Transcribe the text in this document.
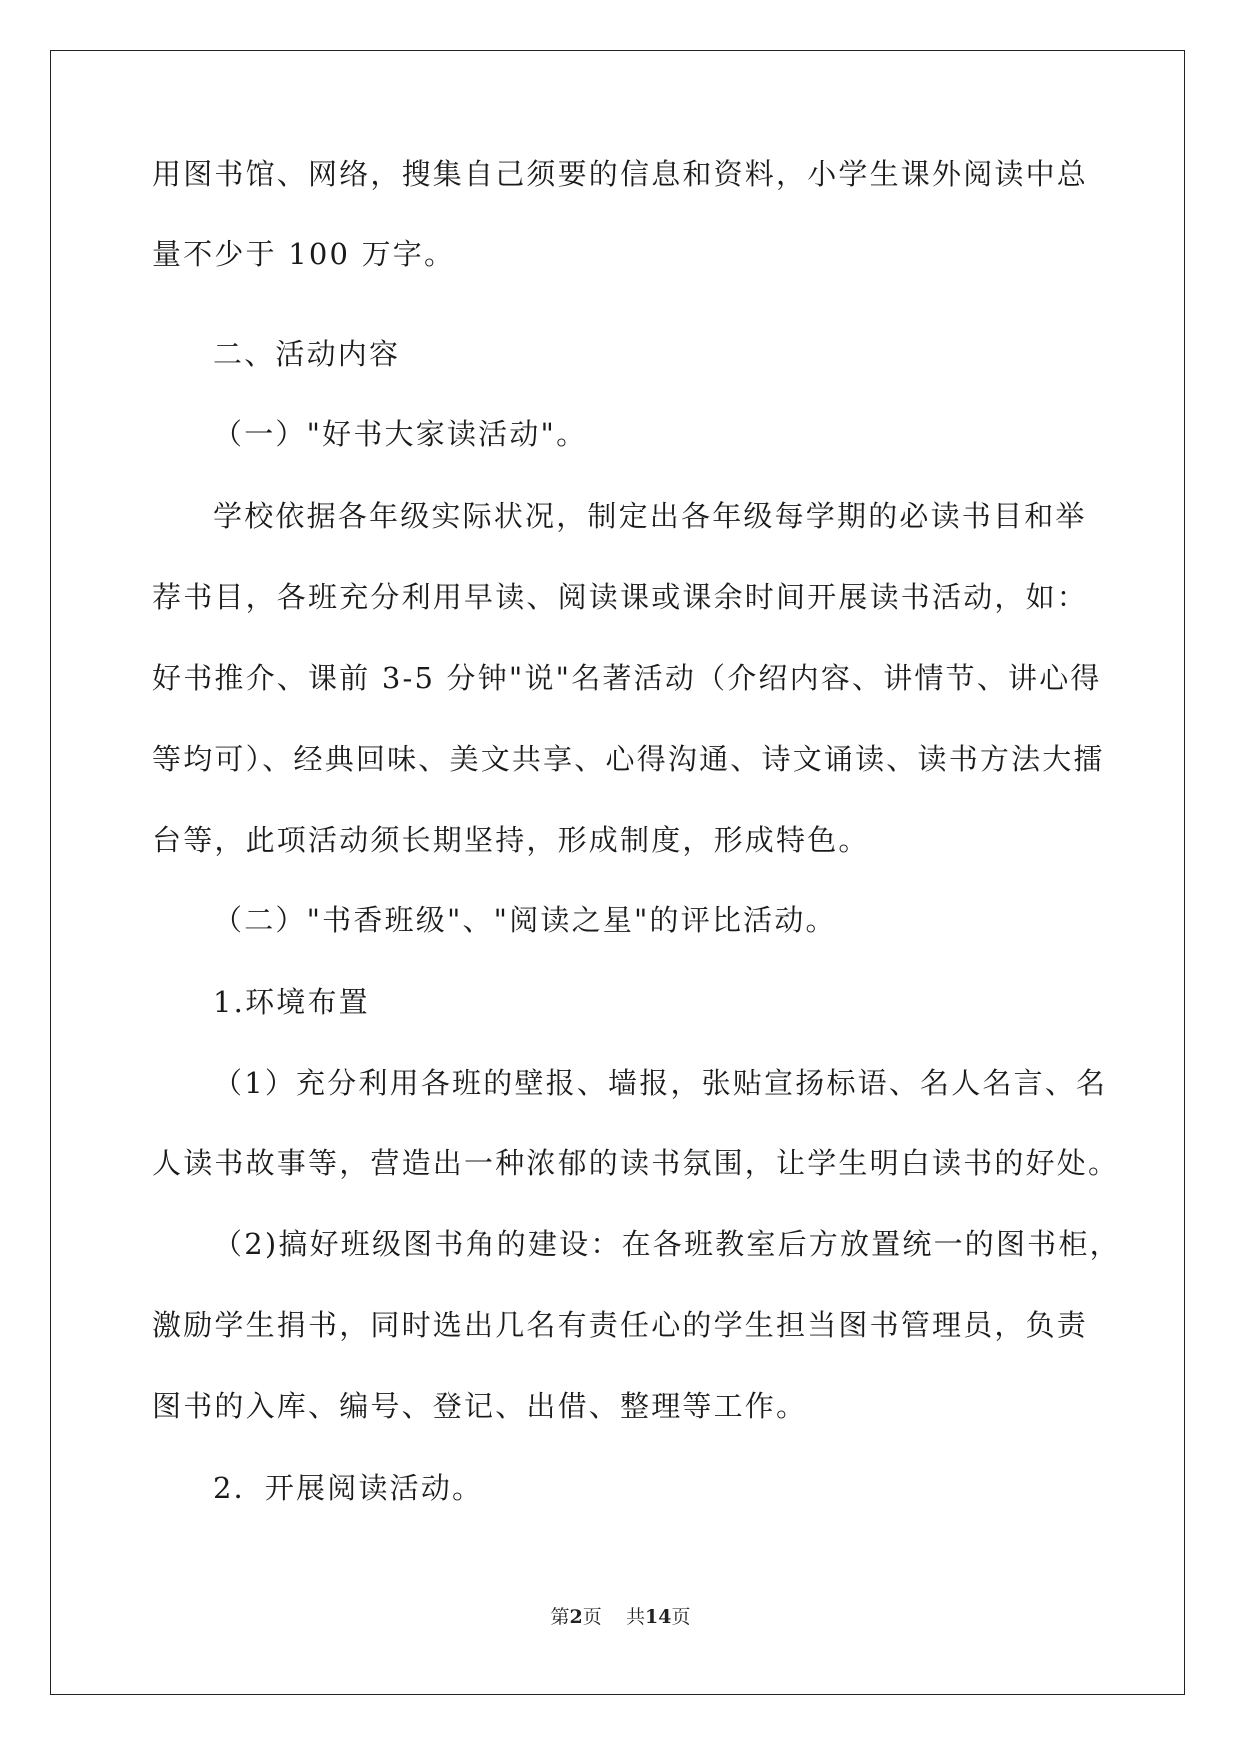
用图书馆、网络，搜集自己须要的信息和资料，小学生课外阅读中总
量不少于 100 万字。
二、活动内容
（一）"好书大家读活动"。
学校依据各年级实际状况，制定出各年级每学期的必读书目和举
荐书目，各班充分利用早读、阅读课或课余时间开展读书活动，如：
好书推介、课前 3-5 分钟"说"名著活动（介绍内容、讲情节、讲心得
等均可）、经典回味、美文共享、心得沟通、诗文诵读、读书方法大擂
台等，此项活动须长期坚持，形成制度，形成特色。
（二）"书香班级"、"阅读之星"的评比活动。
1.环境布置
（1）充分利用各班的壁报、墙报，张贴宣扬标语、名人名言、名
人读书故事等，营造出一种浓郁的读书氛围，让学生明白读书的好处。
（2)搞好班级图书角的建设：在各班教室后方放置统一的图书柜，
激励学生捐书，同时选出几名有责任心的学生担当图书管理员，负责
图书的入库、编号、登记、出借、整理等工作。
2．开展阅读活动。
第2页 共14页
